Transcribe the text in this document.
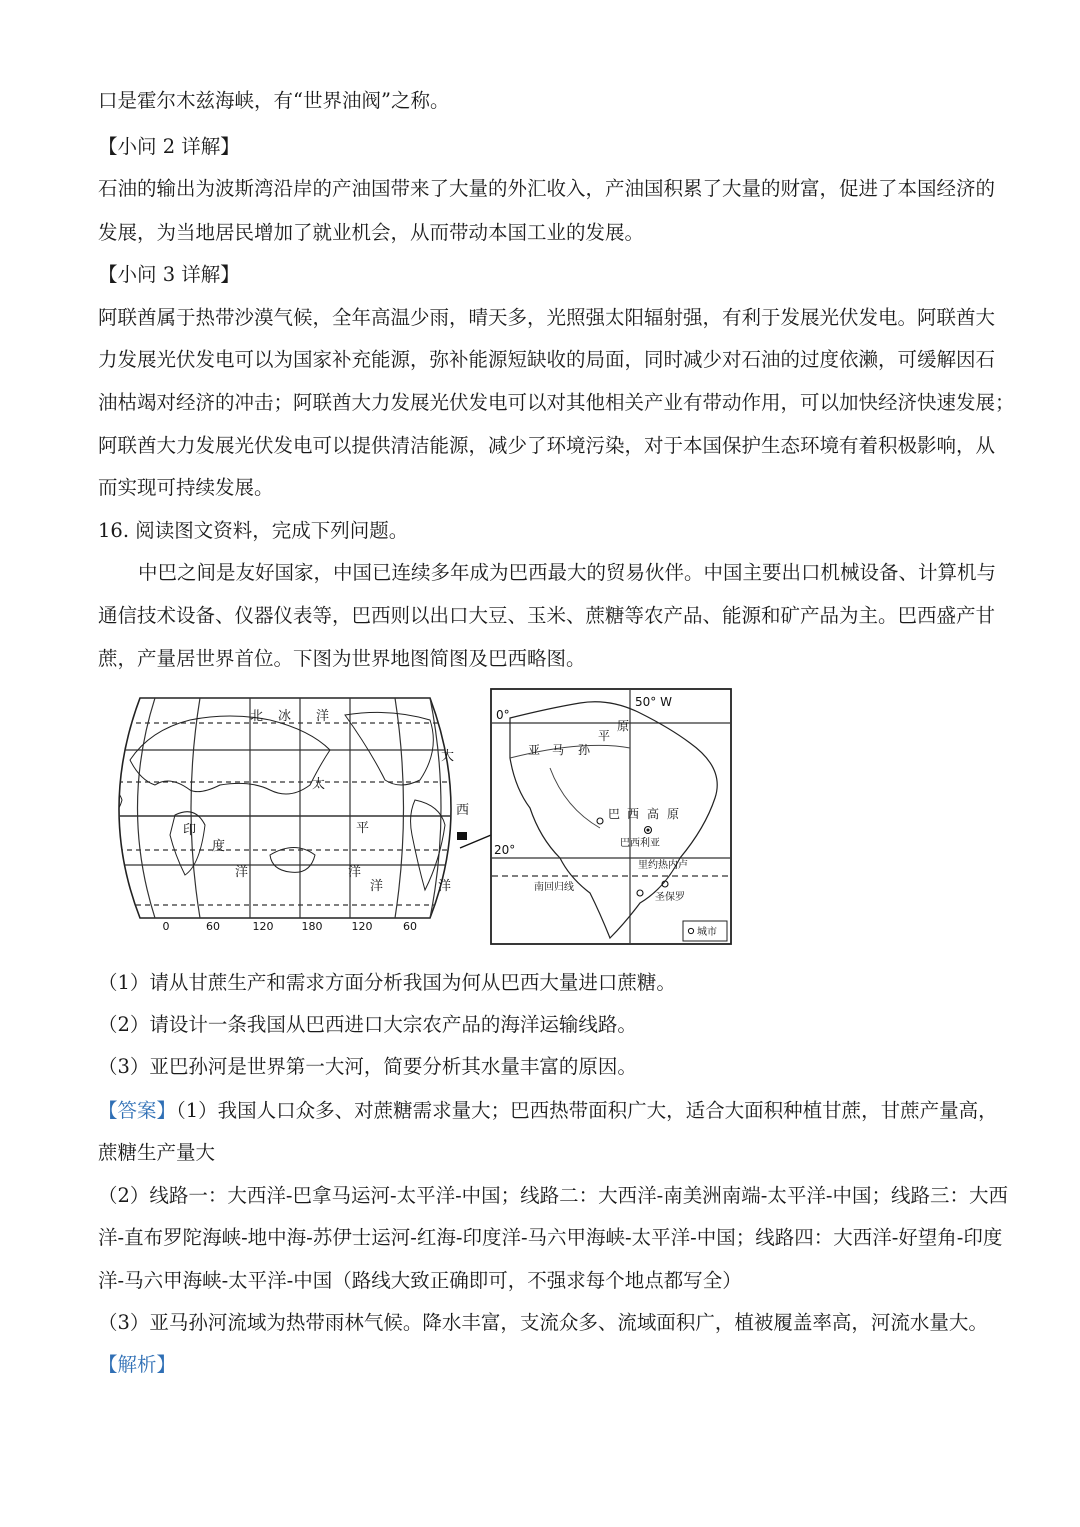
口是霍尔木兹海峡，有“世界油阀”之称。
【小问 2 详解】
石油的输出为波斯湾沿岸的产油国带来了大量的外汇收入，产油国积累了大量的财富，促进了本国经济的
发展，为当地居民增加了就业机会，从而带动本国工业的发展。
【小问 3 详解】
阿联酋属于热带沙漠气候，全年高温少雨，晴天多，光照强太阳辐射强，有利于发展光伏发电。阿联酋大
力发展光伏发电可以为国家补充能源，弥补能源短缺收的局面，同时减少对石油的过度依濑，可缓解因石
油枯竭对经济的冲击；阿联酋大力发展光伏发电可以对其他相关产业有带动作用，可以加快经济快速发展；
阿联酋大力发展光伏发电可以提供清洁能源，减少了环境污染，对于本国保护生态环境有着积极影响，从
而实现可持续发展。
16. 阅读图文资料，完成下列问题。
中巴之间是友好国家，中国已连续多年成为巴西最大的贸易伙伴。中国主要出口机械设备、计算机与
通信技术设备、仪器仪表等，巴西则以出口大豆、玉米、蔗糖等农产品、能源和矿产品为主。巴西盛产甘
蔗，产量居世界首位。下图为世界地图简图及巴西略图。
北 冰 洋
太
平
洋
印
度
洋
大
西
洋
洋
0	60	120	180	120	60
50° W
0°
20°
亚 马 孙
平
原
巴 西 高 原
巴西利亚
里约热内卢
圣保罗
南回归线
城市
（1）请从甘蔗生产和需求方面分析我国为何从巴西大量进口蔗糖。
（2）请设计一条我国从巴西进口大宗农产品的海洋运输线路。
（3）亚巴孙河是世界第一大河，简要分析其水量丰富的原因。
【答案】（1）我国人口众多、对蔗糖需求量大；巴西热带面积广大，适合大面积种植甘蔗，甘蔗产量高，
蔗糖生产量大
（2）线路一：大西洋-巴拿马运河-太平洋-中国；线路二：大西洋-南美洲南端-太平洋-中国；线路三：大西
洋-直布罗陀海峡-地中海-苏伊士运河-红海-印度洋-马六甲海峡-太平洋-中国；线路四：大西洋-好望角-印度
洋-马六甲海峡-太平洋-中国（路线大致正确即可，不强求每个地点都写全）
（3）亚马孙河流域为热带雨林气候。降水丰富，支流众多、流域面积广，植被履盖率高，河流水量大。
【解析】
